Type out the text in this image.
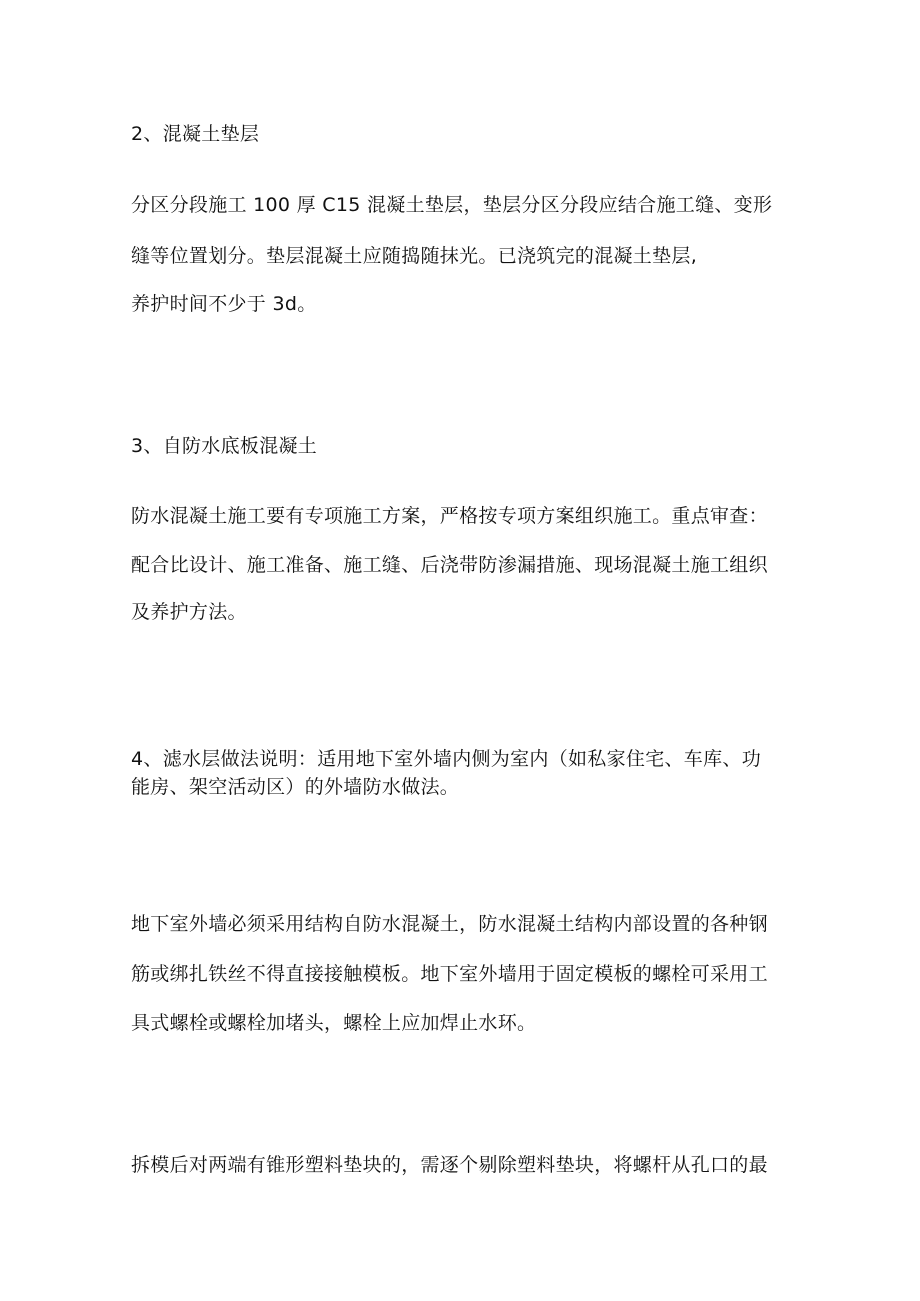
2、混凝土垫层
分区分段施工 100 厚 C15 混凝土垫层，垫层分区分段应结合施工缝、变形
缝等位置划分。垫层混凝土应随捣随抹光。已浇筑完的混凝土垫层,
养护时间不少于 3d。
3、自防水底板混凝土
防水混凝土施工要有专项施工方案，严格按专项方案组织施工。重点审查：
配合比设计、施工准备、施工缝、后浇带防渗漏措施、现场混凝土施工组织
及养护方法。
4、滤水层做法说明：适用地下室外墙内侧为室内（如私家住宅、车库、功
能房、架空活动区）的外墙防水做法。
地下室外墙必须采用结构自防水混凝土，防水混凝土结构内部设置的各种钢
筋或绑扎铁丝不得直接接触模板。地下室外墙用于固定模板的螺栓可采用工
具式螺栓或螺栓加堵头，螺栓上应加焊止水环。
拆模后对两端有锥形塑料垫块的，需逐个剔除塑料垫块，将螺杆从孔口的最
